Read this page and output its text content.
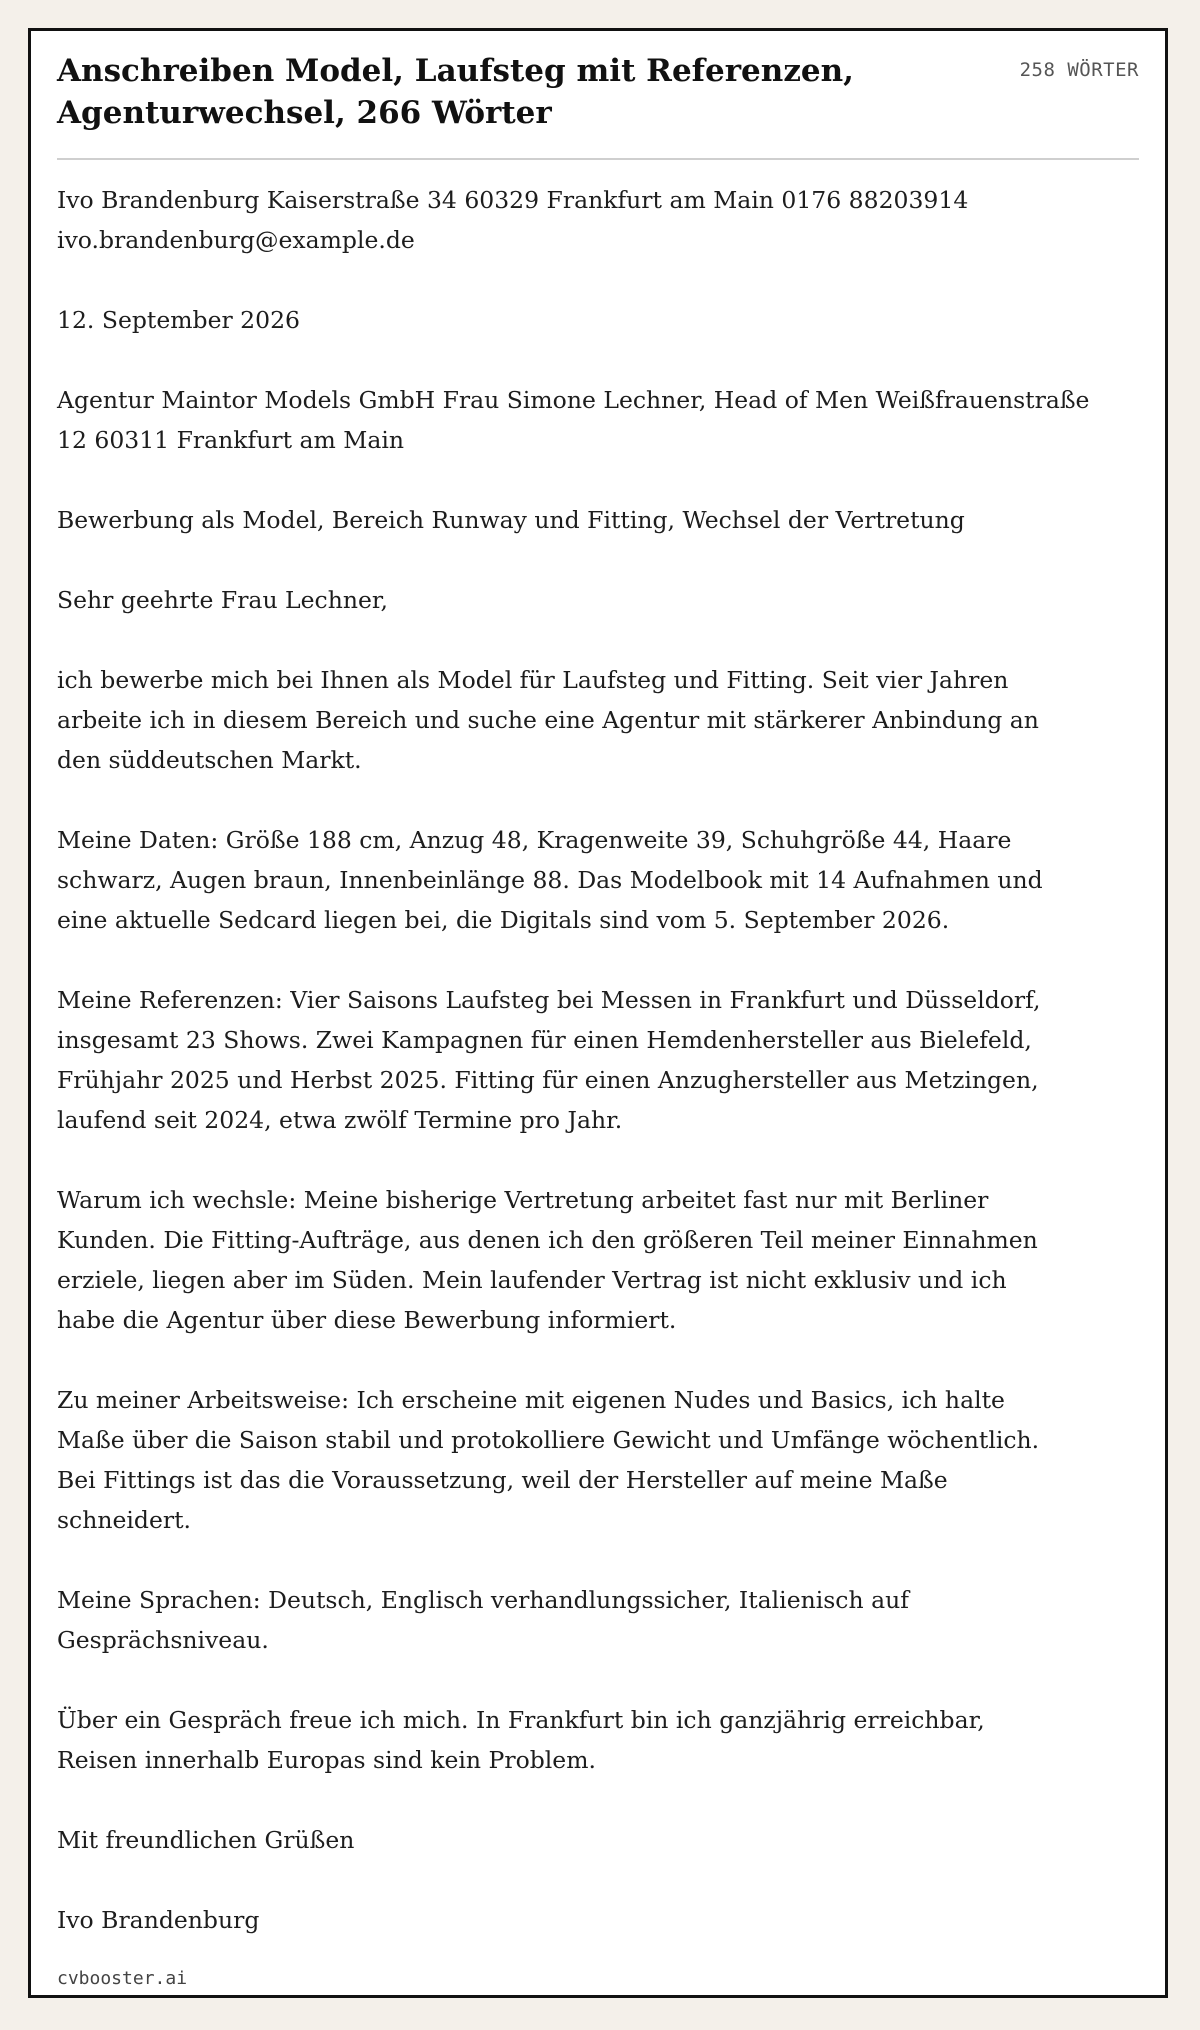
Anschreiben Model, Laufsteg mit Referenzen, Agenturwechsel, 266 Wörter
258 WÖRTER

Ivo Brandenburg Kaiserstraße 34 60329 Frankfurt am Main 0176 88203914 ivo.brandenburg@example.de

12. September 2026

Agentur Maintor Models GmbH Frau Simone Lechner, Head of Men Weißfrauenstraße 12 60311 Frankfurt am Main

Bewerbung als Model, Bereich Runway und Fitting, Wechsel der Vertretung

Sehr geehrte Frau Lechner,

ich bewerbe mich bei Ihnen als Model für Laufsteg und Fitting. Seit vier Jahren arbeite ich in diesem Bereich und suche eine Agentur mit stärkerer Anbindung an den süddeutschen Markt.

Meine Daten: Größe 188 cm, Anzug 48, Kragenweite 39, Schuhgröße 44, Haare schwarz, Augen braun, Innenbeinlänge 88. Das Modelbook mit 14 Aufnahmen und eine aktuelle Sedcard liegen bei, die Digitals sind vom 5. September 2026.

Meine Referenzen: Vier Saisons Laufsteg bei Messen in Frankfurt und Düsseldorf, insgesamt 23 Shows. Zwei Kampagnen für einen Hemdenhersteller aus Bielefeld, Frühjahr 2025 und Herbst 2025. Fitting für einen Anzughersteller aus Metzingen, laufend seit 2024, etwa zwölf Termine pro Jahr.

Warum ich wechsle: Meine bisherige Vertretung arbeitet fast nur mit Berliner Kunden. Die Fitting-Aufträge, aus denen ich den größeren Teil meiner Einnahmen erziele, liegen aber im Süden. Mein laufender Vertrag ist nicht exklusiv und ich habe die Agentur über diese Bewerbung informiert.

Zu meiner Arbeitsweise: Ich erscheine mit eigenen Nudes und Basics, ich halte Maße über die Saison stabil und protokolliere Gewicht und Umfänge wöchentlich. Bei Fittings ist das die Voraussetzung, weil der Hersteller auf meine Maße schneidert.

Meine Sprachen: Deutsch, Englisch verhandlungssicher, Italienisch auf Gesprächsniveau.

Über ein Gespräch freue ich mich. In Frankfurt bin ich ganzjährig erreichbar, Reisen innerhalb Europas sind kein Problem.

Mit freundlichen Grüßen

Ivo Brandenburg

cvbooster.ai
